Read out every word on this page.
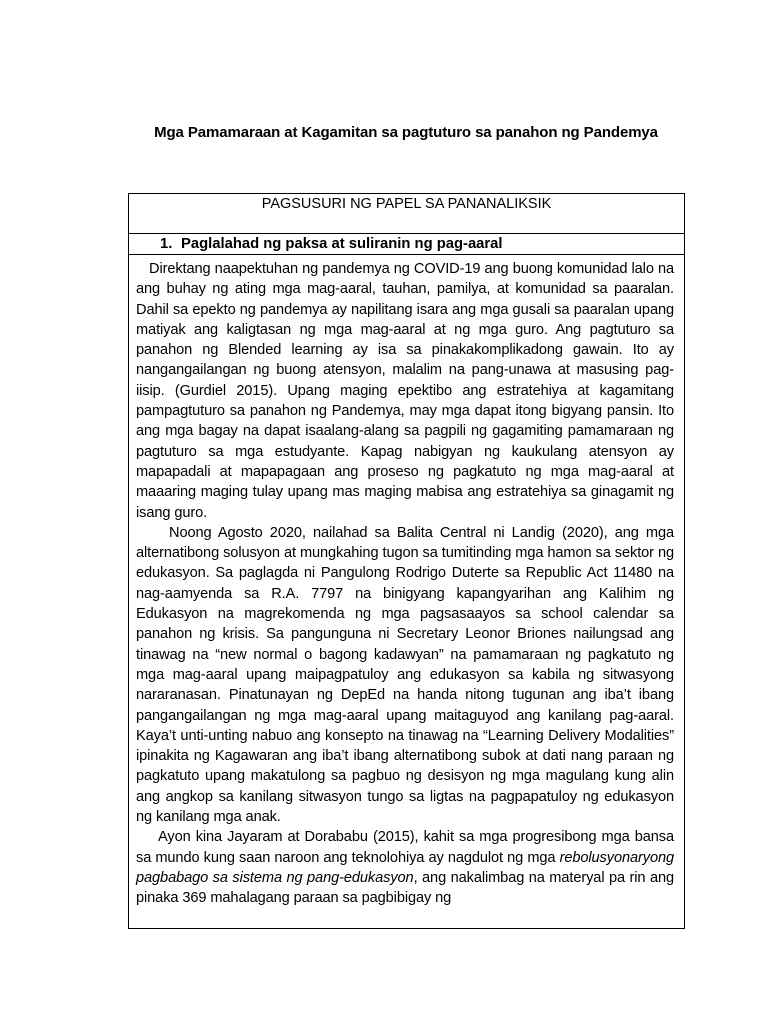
Mga Pamamaraan at Kagamitan sa pagtuturo sa panahon ng Pandemya
PAGSUSURI NG PAPEL SA PANANALIKSIK
1. Paglalahad ng paksa at suliranin ng pag-aaral

Direktang naapektuhan ng pandemya ng COVID-19 ang buong komunidad lalo na ang buhay ng ating mga mag-aaral, tauhan, pamilya, at komunidad sa paaralan. Dahil sa epekto ng pandemya ay napilitang isara ang mga gusali sa paaralan upang matiyak ang kaligtasan ng mga mag-aaral at ng mga guro. Ang pagtuturo sa panahon ng Blended learning ay isa sa pinakakomplikadong gawain. Ito ay nangangailangan ng buong atensyon, malalim na pang-unawa at masusing pag-iisip. (Gurdiel 2015). Upang maging epektibo ang estratehiya at kagamitang pampagtuturo sa panahon ng Pandemya, may mga dapat itong bigyang pansin. Ito ang mga bagay na dapat isaalang-alang sa pagpili ng gagamiting pamamaraan ng pagtuturo sa mga estudyante. Kapag nabigyan ng kaukulang atensyon ay mapapadali at mapapagaan ang proseso ng pagkatuto ng mga mag-aaral at maaaring maging tulay upang mas maging mabisa ang estratehiya sa ginagamit ng isang guro.

Noong Agosto 2020, nailahad sa Balita Central ni Landig (2020), ang mga alternatibong solusyon at mungkahing tugon sa tumitinding mga hamon sa sektor ng edukasyon. Sa paglagda ni Pangulong Rodrigo Duterte sa Republic Act 11480 na nag-aamyenda sa R.A. 7797 na binigyang kapangyarihan ang Kalihim ng Edukasyon na magrekomenda ng mga pagsasaayos sa school calendar sa panahon ng krisis. Sa pangunguna ni Secretary Leonor Briones nailungsad ang tinawag na “new normal o bagong kadawyan” na pamamaraan ng pagkatuto ng mga mag-aaral upang maipagpatuloy ang edukasyon sa kabila ng sitwasyong nararanasan. Pinatunayan ng DepEd na handa nitong tugunan ang iba’t ibang pangangailangan ng mga mag-aaral upang maitaguyod ang kanilang pag-aaral. Kaya’t unti-unting nabuo ang konsepto na tinawag na “Learning Delivery Modalities” ipinakita ng Kagawaran ang iba’t ibang alternatibong subok at dati nang paraan ng pagkatuto upang makatulong sa pagbuo ng desisyon ng mga magulang kung alin ang angkop sa kanilang sitwasyon tungo sa ligtas na pagpapatuloy ng edukasyon ng kanilang mga anak.

Ayon kina Jayaram at Dorababu (2015), kahit sa mga progresibong mga bansa sa mundo kung saan naroon ang teknolohiya ay nagdulot ng mga rebolusyonaryong pagbabago sa sistema ng pang-edukasyon, ang nakalimbag na materyal pa rin ang pinaka 369 mahalagang paraan sa pagbibigay ng
